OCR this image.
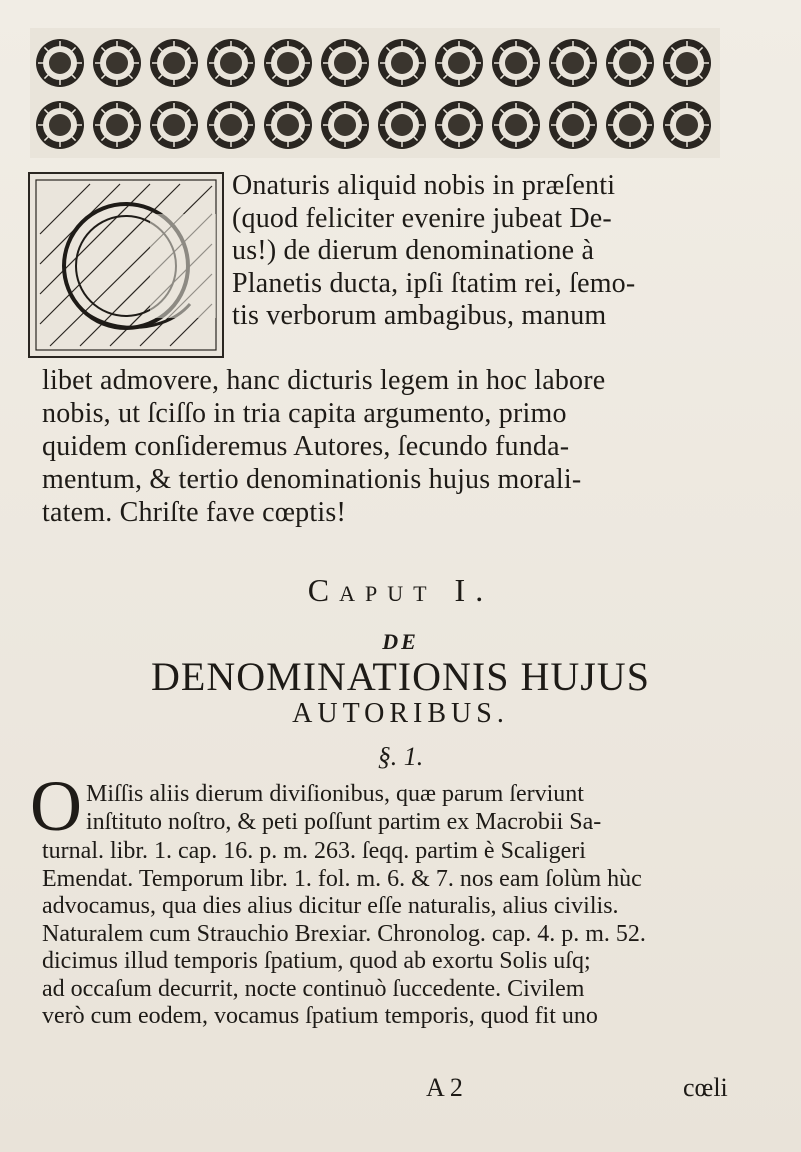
Onaturis aliquid nobis in præſenti
(quod feliciter evenire jubeat De-
us!) de dierum denominatione à
Planetis ducta, ipſi ſtatim rei, ſemo-
tis verborum ambagibus, manum
libet admovere, hanc dicturis legem in hoc labore
nobis, ut ſciſſo in tria capita argumento, primo
quidem conſideremus Autores, ſecundo funda-
mentum, & tertio denominationis hujus morali-
tatem. Chriſte fave cœptis!
Caput I.
DE
DENOMINATIONIS HUJUS
AUTORIBUS.
§. 1.
O Miſſis aliis dierum diviſionibus, quæ parum ſerviunt
inſtituto noſtro, & peti poſſunt partim ex Macrobii Sa-
turnal. libr. 1. cap. 16. p. m. 263. ſeqq. partim è Scaligeri
Emendat. Temporum libr. 1. fol. m. 6. & 7. nos eam ſolùm hùc
advocamus, qua dies alius dicitur eſſe naturalis, alius civilis.
Naturalem cum Strauchio Brexiar. Chronolog. cap. 4. p. m. 52.
dicimus illud temporis ſpatium, quod ab exortu Solis uſq;
ad occaſum decurrit, nocte continuò ſuccedente. Civilem
verò cum eodem, vocamus ſpatium temporis, quod fit uno
A 2	cœli
